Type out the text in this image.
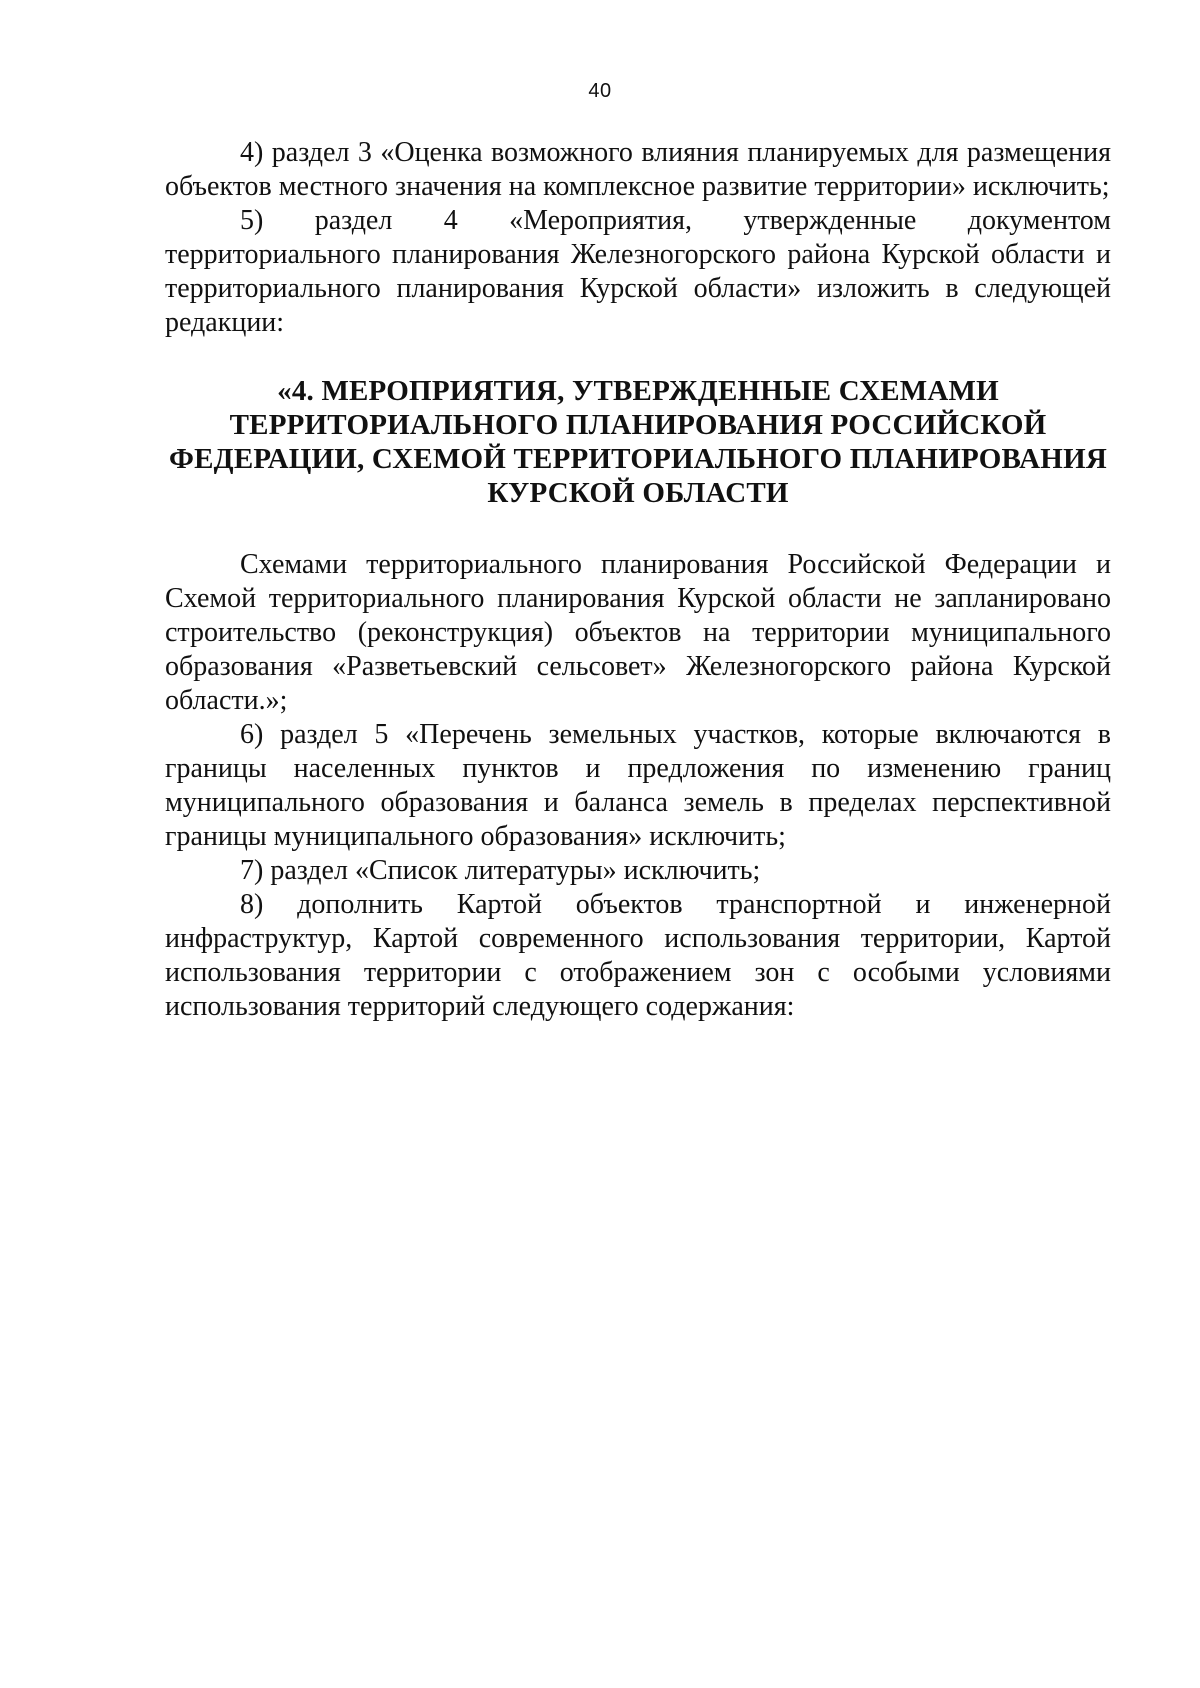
40

4) раздел 3 «Оценка возможного влияния планируемых для размещения объектов местного значения на комплексное развитие территории» исключить;

5) раздел 4 «Мероприятия, утвержденные документом территориального планирования Железногорского района Курской области и территориального планирования Курской области» изложить в следующей редакции:

«4. МЕРОПРИЯТИЯ, УТВЕРЖДЕННЫЕ СХЕМАМИ
ТЕРРИТОРИАЛЬНОГО ПЛАНИРОВАНИЯ РОССИЙСКОЙ
ФЕДЕРАЦИИ, СХЕМОЙ ТЕРРИТОРИАЛЬНОГО ПЛАНИРОВАНИЯ
КУРСКОЙ ОБЛАСТИ

Схемами территориального планирования Российской Федерации и Схемой территориального планирования Курской области не запланировано строительство (реконструкция) объектов на территории муниципального образования «Разветьевский сельсовет» Железногорского района Курской области.»;

6) раздел 5 «Перечень земельных участков, которые включаются в границы населенных пунктов и предложения по изменению границ муниципального образования и баланса земель в пределах перспективной границы муниципального образования» исключить;

7) раздел «Список литературы» исключить;

8) дополнить Картой объектов транспортной и инженерной инфраструктур, Картой современного использования территории, Картой использования территории с отображением зон с особыми условиями использования территорий следующего содержания:
